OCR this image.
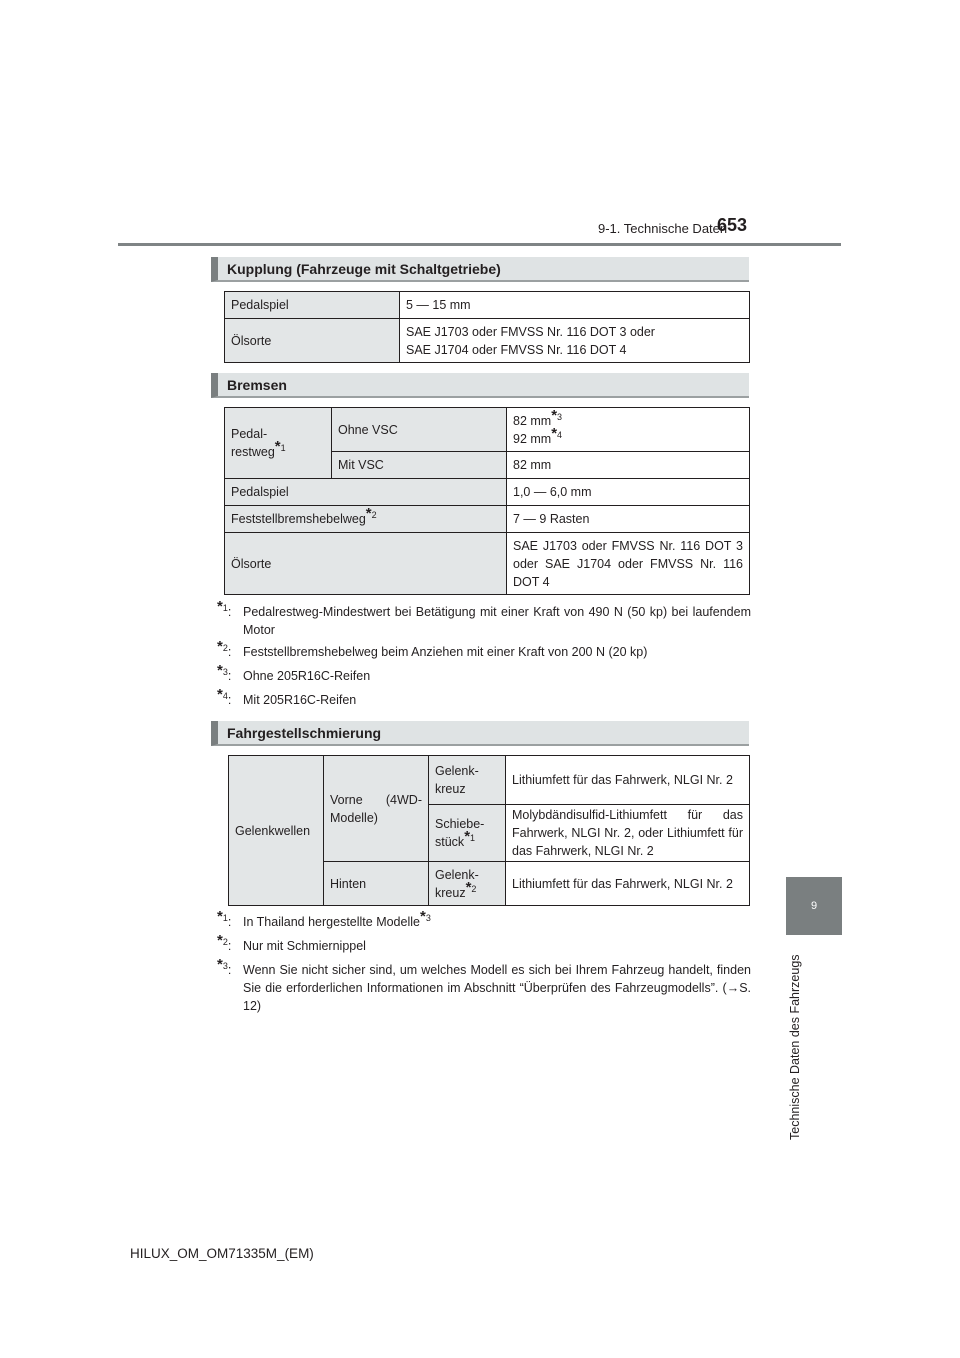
9-1. Technische Daten
653
9
Technische Daten des Fahrzeugs
Kupplung (Fahrzeuge mit Schaltgetriebe)
Pedalspiel	5 — 15 mm
Ölsorte	SAE J1703 oder FMVSS Nr. 116 DOT 3 oder
SAE J1704 oder FMVSS Nr. 116 DOT 4
Bremsen
Pedal-
restweg*$^1$	Ohne VSC	82 mm*$^3$
92 mm*$^4$
	Mit VSC	82 mm
Pedalspiel		1,0 — 6,0 mm
Feststellbremshebelweg*$^2$		7 — 9 Rasten
Ölsorte		SAE J1703 oder FMVSS Nr. 116 DOT 3 oder SAE J1704 oder FMVSS Nr. 116 DOT 4
*$^1$: Pedalrestweg-Mindestwert bei Betätigung mit einer Kraft von 490 N (50 kp) bei laufendem Motor
*$^2$: Feststellbremshebelweg beim Anziehen mit einer Kraft von 200 N (20 kp)
*$^3$: Ohne 205R16C-Reifen
*$^4$: Mit 205R16C-Reifen
Fahrgestellschmierung
Gelenkwellen	Vorne (4WD-Modelle)	Gelenk-
kreuz	Lithiumfett für das Fahrwerk, NLGI Nr. 2
		Schiebe-
stück*$^1$	Molybdändisulfid-Lithiumfett für das Fahrwerk, NLGI Nr. 2, oder Lithiumfett für das Fahrwerk, NLGI Nr. 2
	Hinten	Gelenk-
kreuz*$^2$	Lithiumfett für das Fahrwerk, NLGI Nr. 2
*$^1$: In Thailand hergestellte Modelle*$^3$
*$^2$: Nur mit Schmiernippel
*$^3$: Wenn Sie nicht sicher sind, um welches Modell es sich bei Ihrem Fahrzeug handelt, finden Sie die erforderlichen Informationen im Abschnitt “Überprüfen des Fahrzeugmodells”. (→S. 12)
HILUX_OM_OM71335M_(EM)
